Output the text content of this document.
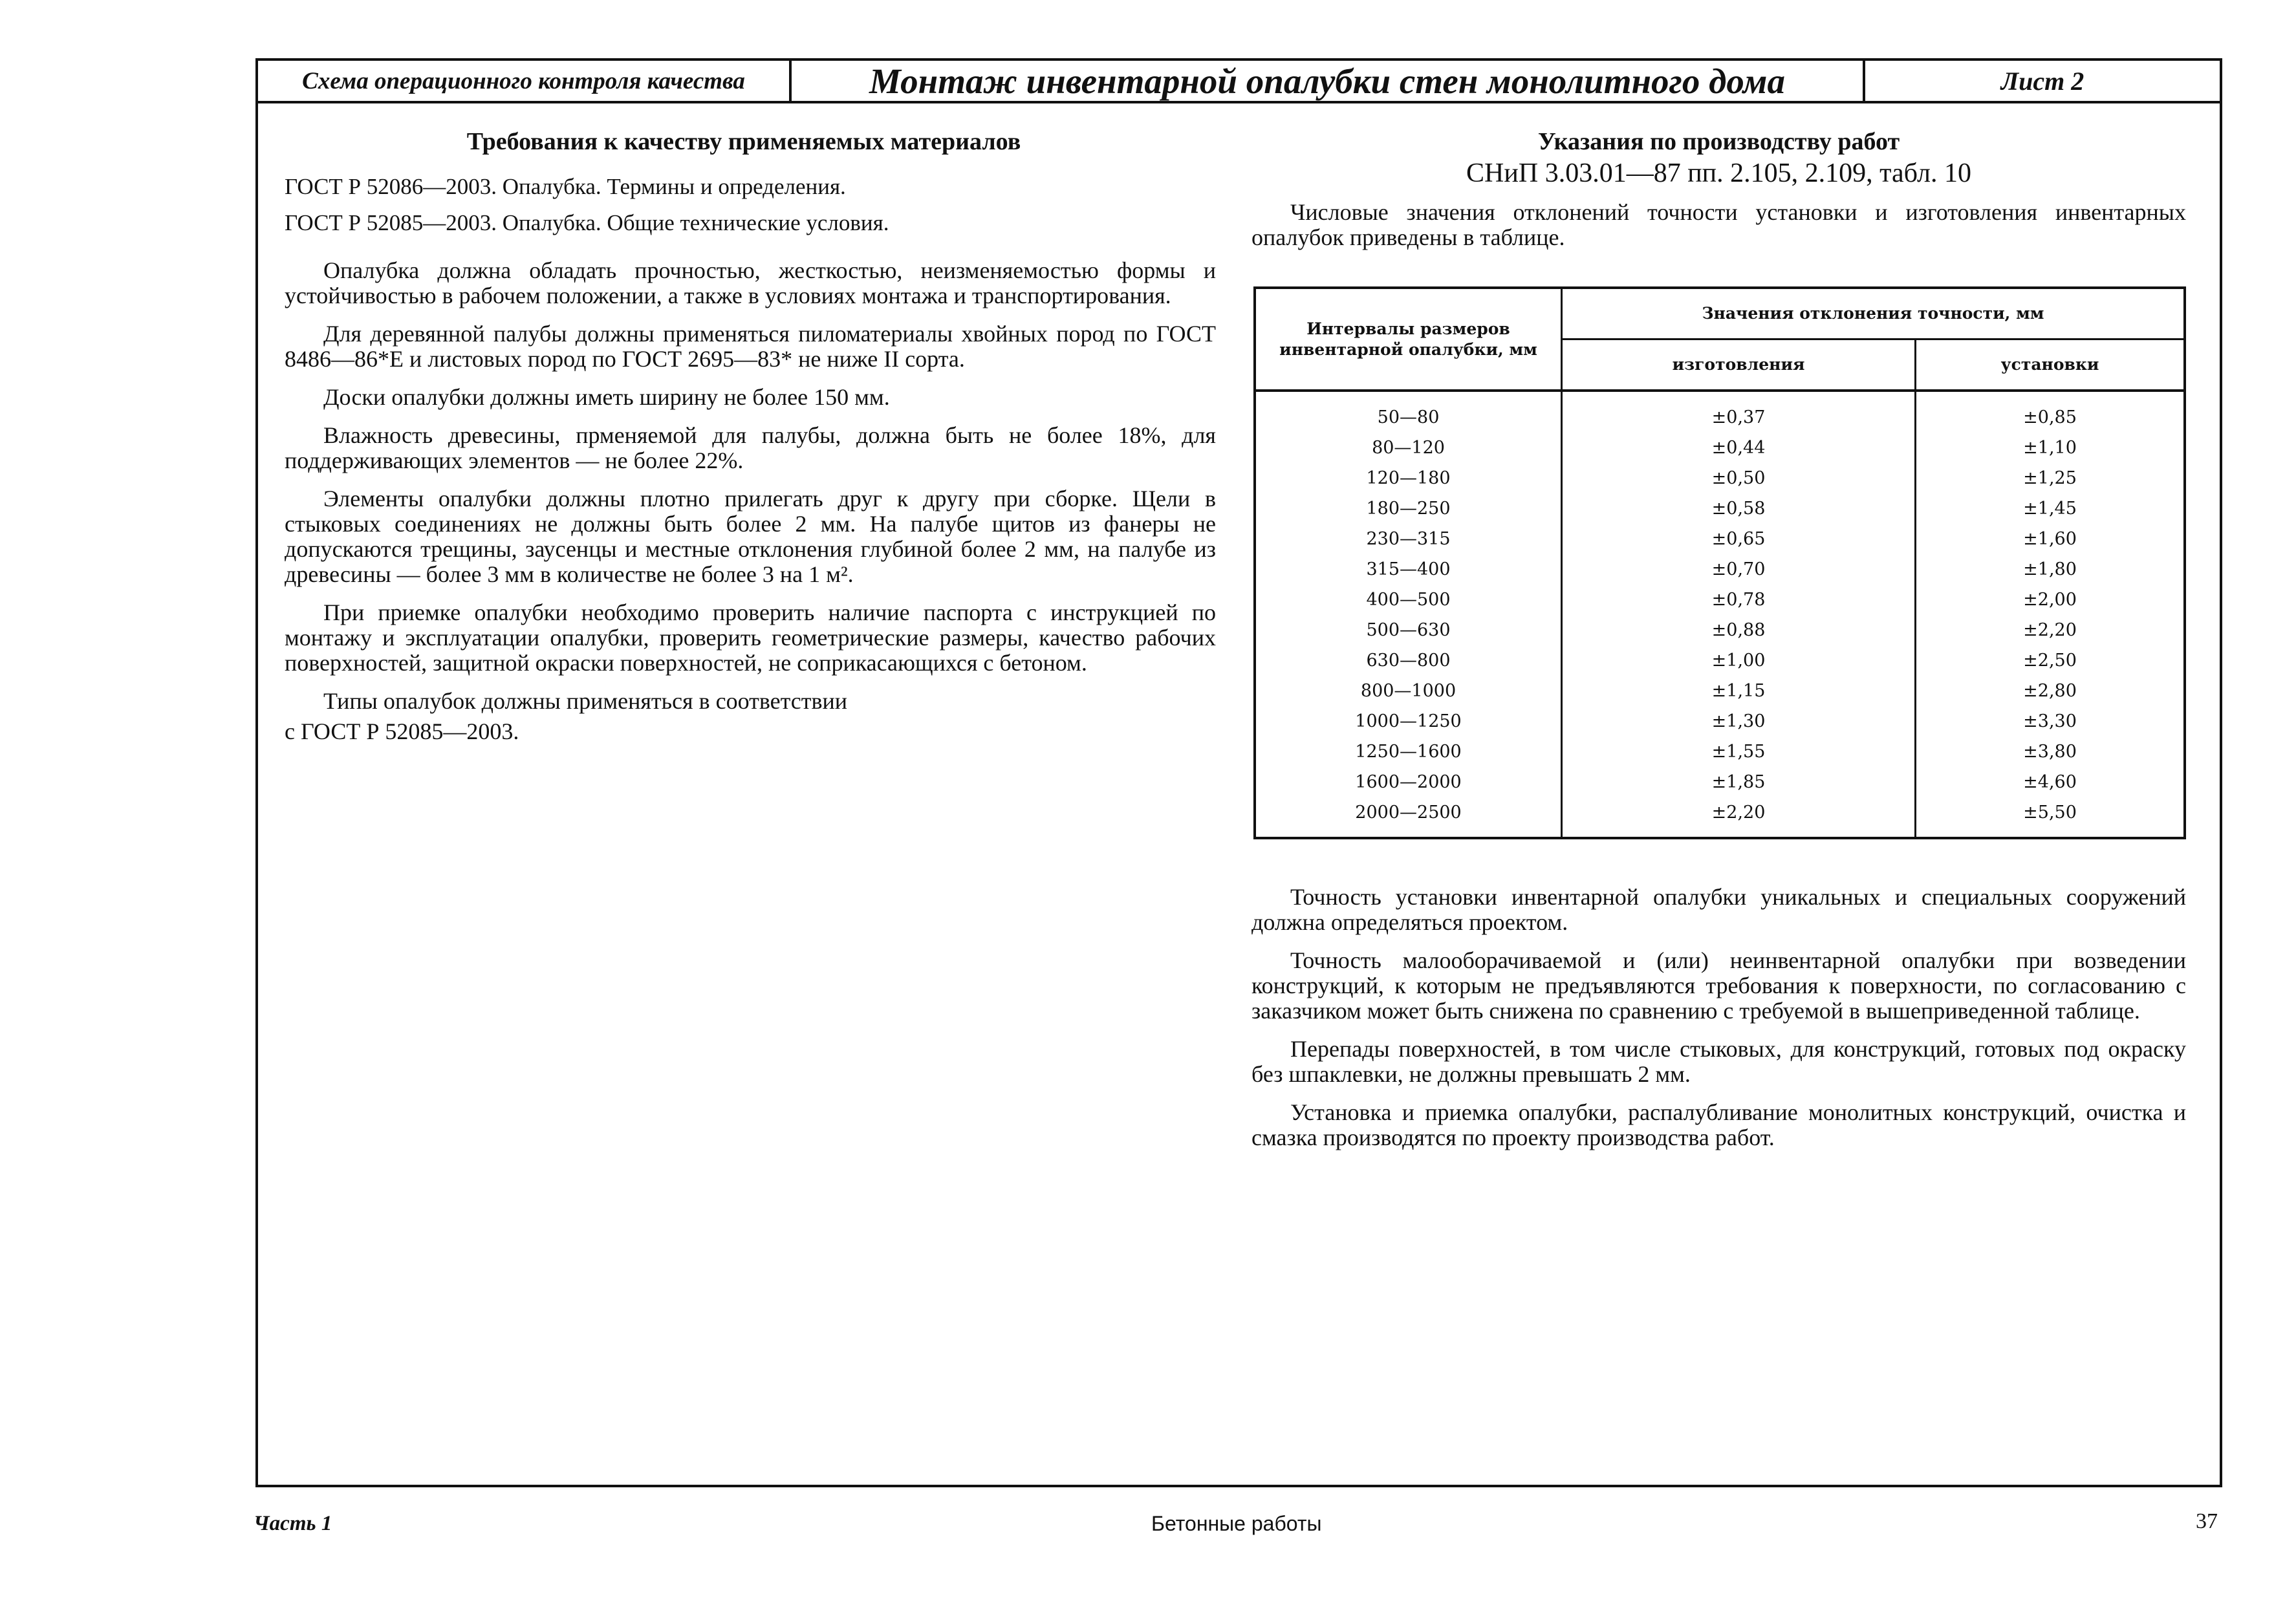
Схема операционного контроля качества	Монтаж инвентарной опалубки стен монолитного дома	Лист 2

Требования к качеству применяемых материалов

ГОСТ Р 52086—2003. Опалубка. Термины и определения.

ГОСТ Р 52085—2003. Опалубка. Общие технические условия.

Опалубка должна обладать прочностью, жесткостью, неизменяемостью формы и устойчивостью в рабочем положении, а также в условиях монтажа и транспортирования.

Для деревянной палубы должны применяться пиломатериалы хвойных пород по ГОСТ 8486—86*Е и листовых пород по ГОСТ 2695—83* не ниже II сорта.

Доски опалубки должны иметь ширину не более 150 мм.

Влажность древесины, прменяемой для палубы, должна быть не более 18%, для поддерживающих элементов — не более 22%.

Элементы опалубки должны плотно прилегать друг к другу при сборке. Щели в стыковых соединениях не должны быть более 2 мм. На палубе щитов из фанеры не допускаются трещины, заусенцы и местные отклонения глубиной более 2 мм, на палубе из древесины — более 3 мм в количестве не более 3 на 1 м².

При приемке опалубки необходимо проверить наличие паспорта с инструкцией по монтажу и эксплуатации опалубки, проверить геометрические размеры, качество рабочих поверхностей, защитной окраски поверхностей, не соприкасающихся с бетоном.

Типы опалубок должны применяться в соответствии

с ГОСТ Р 52085—2003.

Указания по производству работ

СНиП 3.03.01—87 пп. 2.105, 2.109, табл. 10

Числовые значения отклонений точности установки и изготовления инвентарных опалубок приведены в таблице.

Интервалы размеров инвентарной опалубки, мм	Значения отклонения точности, мм	
	изготовления	установки
50—80	±0,37	±0,85
80—120	±0,44	±1,10
120—180	±0,50	±1,25
180—250	±0,58	±1,45
230—315	±0,65	±1,60
315—400	±0,70	±1,80
400—500	±0,78	±2,00
500—630	±0,88	±2,20
630—800	±1,00	±2,50
800—1000	±1,15	±2,80
1000—1250	±1,30	±3,30
1250—1600	±1,55	±3,80
1600—2000	±1,85	±4,60
2000—2500	±2,20	±5,50

Точность установки инвентарной опалубки уникальных и специальных сооружений должна определяться проектом.

Точность малооборачиваемой и (или) неинвентарной опалубки при возведении конструкций, к которым не предъявляются требования к поверхности, по согласованию с заказчиком может быть снижена по сравнению с требуемой в вышеприведенной таблице.

Перепады поверхностей, в том числе стыковых, для конструкций, готовых под окраску без шпаклевки, не должны превышать 2 мм.

Установка и приемка опалубки, распалубливание монолитных конструкций, очистка и смазка производятся по проекту производства работ.

Часть 1	Бетонные работы	37
